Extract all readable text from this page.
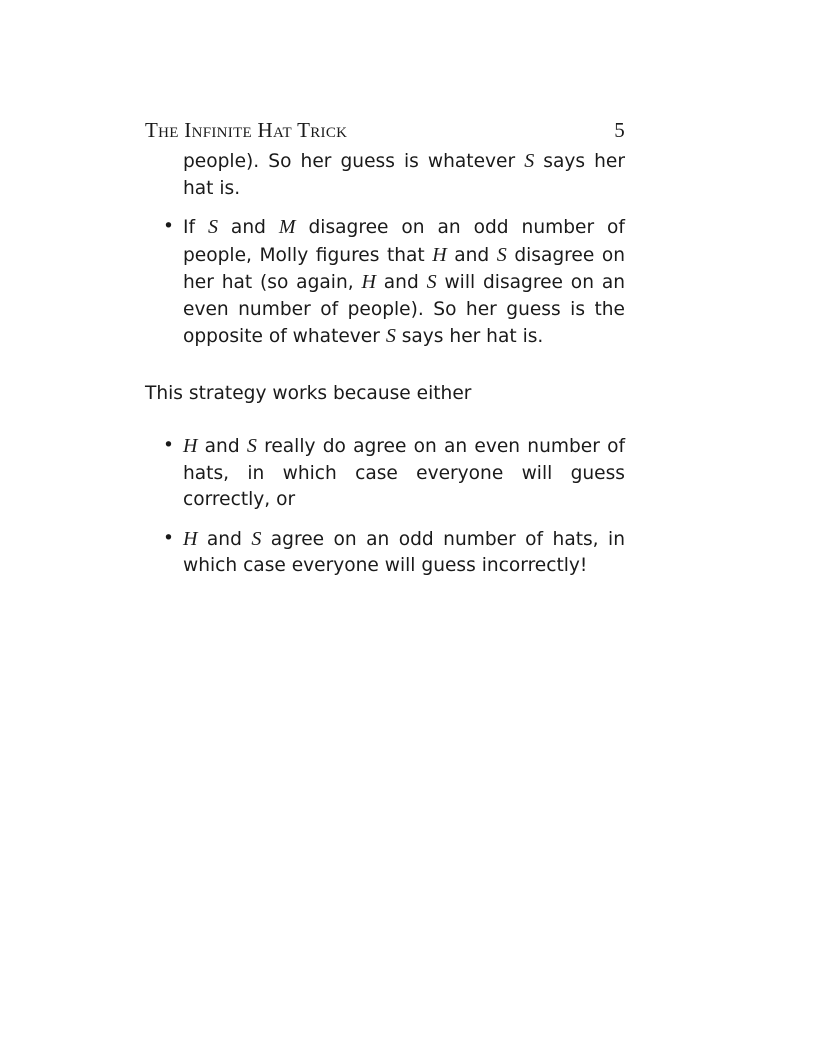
The Infinite Hat Trick	5

people). So her guess is whatever S says her hat is.

• If S and M disagree on an odd number of people, Molly figures that H and S disagree on her hat (so again, H and S will disagree on an even number of people). So her guess is the opposite of whatever S says her hat is.

This strategy works because either

• H and S really do agree on an even number of hats, in which case everyone will guess correctly, or
• H and S agree on an odd number of hats, in which case everyone will guess incorrectly!
